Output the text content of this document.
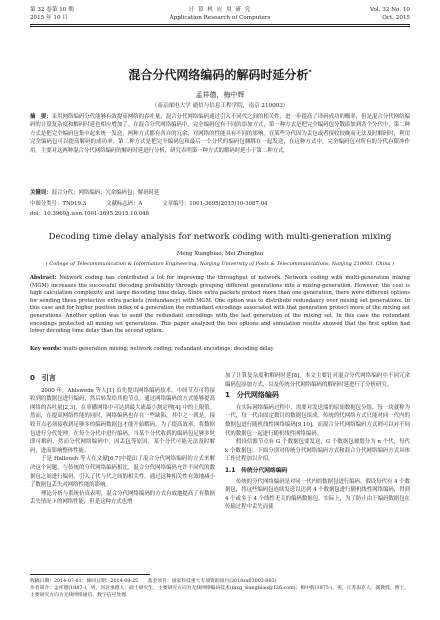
第 32 卷第 10 期
2015 年 10 月
计 算 机 应 用 研 究
Application Research of Computers
Vol. 32 No. 10
Oct. 2015
混合分代网络编码的解码时延分析*
孟祥德，梅中辉
（南京邮电大学 通信与信息工程学院，南京 210003）
摘　要：采用网络编码分代能够有效提高网络的吞吐量，混合分代网络编码通过引入不同代之间的相关性，进一步提高了译码成功的概率，但是混合分代网络编码的计算复杂度和解码时延也相应增加了。在混合分代网络编码中，完全编码包有不同的添加方式，第一种方式是把完全编码包分散添加到各个分代中，第二种方式是把完全编码包集中起来统一发送，两种方式都有各自的冗余，对网络的性能具有不同的影响。在某些分代因为丢包或者接收较晚而无法及时解码时，利用完全编码包可以提高解码的成功率；第二种方式是把完全编码包和最后一个分代的编码包捆绑在一起发送，在这种方式中，完全编码包对所有的分代有限冲作用。主要对这两种混合分代网络编码的解码时延进行分析，研究表明第一种方式的解码时延小于第二种方式。
关键词：混合分代；网络编码；冗余编码包；解码时延
中图分类号：TN919.3	文献标志码：A	文章编号：1001-3695(2015)10-3087-04
doi：10.3969/j.issn.1001-3695.2015.10.048
Decoding time delay analysis for network coding with multi-generation mixing
Meng Xiangbiao, Mei Zhonghui
( College of Telecommunication & Information Engineering, Nanjing University of Posts & Telecommunications, Nanjing 210003, China )
Abstract: Network coding has contributed a lot for improving the throughput of network. Network coding with multi-generation mixing (MGM) increases the successful decoding probability through grouping different generations into a mixing-generation. However, the cost is high calculation complexity and large decoding time delay. Since extra packets protect more than one generation, there were different options for sending these protective extra packets (redundancy) with MGM. One option was to distribute redundancy over mixing set generations. In this case and for higher position index of a generation the redundant encodings associated with that generation protect more of the mixing set generations. Another option was to send the redundant encodings with the last generation of the mixing set. In this case the redundant encodings protected all mixing set generations. This paper analyzed the two options and simulation results showed that the first option had lower decoding time delay than the second option.
Key words: multi-generation mixing; network coding; redundant encodings; decoding delay
0　引言

2000 年，Ahlswede 等人[1] 首先提出网络编码技术，中间节点可将接收到的数据包进行编码，然后转发给其他节点。通过网络编码的方式能够提高网络的吞吐量[2,3]，在单播网络中可达到最大流最小割定理[4] 中的上限值。然而，在提高网络性能的同时，网络编码也存在一些缺陷，其中之一就是，接收节点必须接收到足够多的编码数据包才能开始解码，为了提高效率，将数据包进行分代处理，在每个分代中进行编码，当某个分代收到的编码包足够多时即可解码，然而分代网络编码中，因丢包等原因，某个分代可能无法及时解码，进而影响整体性能。

于是 Halloush 等人在文献[6,7]中提出了混合分代网络编码的方式来解决这个问题。与传统的分代网络编码相比，混合分代网络编码允许不同代的数据包之间进行编码，引入了代与代之间的相关性。通过这种相关性有效地减小了数据包丢失对网络性能的影响。

理论分析与系统仿真表明，混合分代网络编码的方式有效地提高了有数据丢失情况下的网络性能，但是这种方式也增

加了计算复杂度和解码时延[8]。本文主要针对混合分代网络编码中不同冗余编码包添加方式，以及传统分代网络编码的解码时延进行了分析研究。

1　分代网络编码

在实际网络编码过程中，需要对发送端的原始数据包分组，每一块就称为一代，每一代由固定数目的数据包组成。传统的代网络方式只能对同一代内的数据包进行随机线性网络编码[9,10]，而混合分代网络编码方式则可以对不同代的数据包一起进行随机线性网络编码。

假设信源节点有 G 个数据包要发送，G 个数据包被划分为 n 个代，每代 k 个数据包。下面分别对传统分代网络编码方式和混合分代网络编码方式具体工作过程加以介绍。

1.1　传统分代网络编码

传统的分代网络编码是对同一代内的数据包进行编码。假设每代有 4 个数据包，将这些编码包连续发送以达到 4 个数据包进行随机线性网络编码，得到 4 个或多于 4 个线性无关的编码数据包。实际上，为了防止由于编码数据包在传输过程中丢失而使

收稿日期：2014-07-01；修回日期：2014-08-25　　基金项目：国家科技重大专项资助项目(2010zx03003-003)
作者简介：孟祥德(1987-)，男，河北承德人，硕士研究生，主要研究方向为无线网络编码技术(mxg_xiangbiao@126.com)；梅中辉(1975-)，男，江苏南京人，副教授，博士，主要研究方向为无线网络通信、数字信号处理.
